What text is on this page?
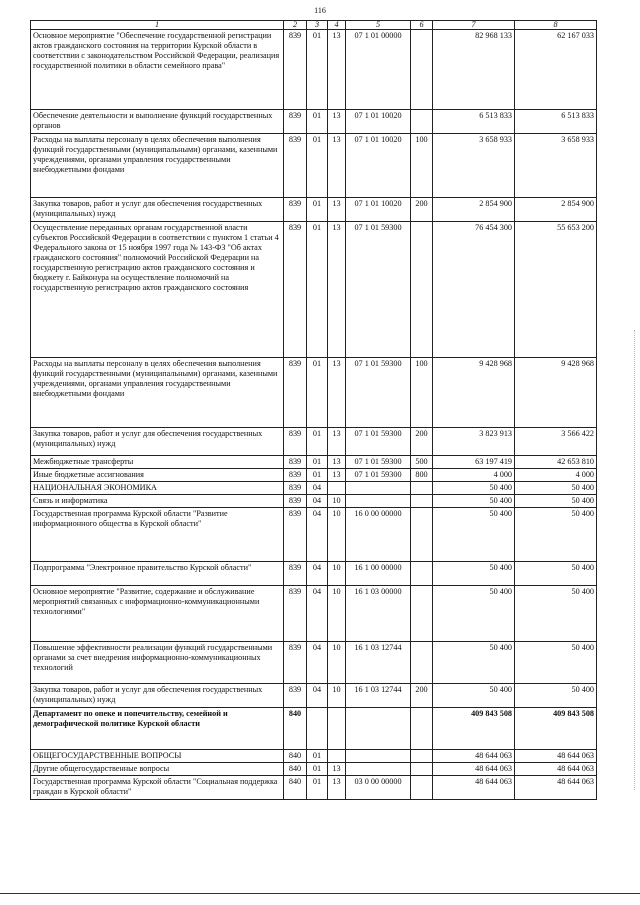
116
1	2	3	4	5	6	7	8
Основное мероприятие "Обеспечение государственной регистрации актов гражданского состояния на территории Курской области в соответствии с законодательством Российской Федерации, реализация государственной политики в области семейного права"	839	01	13	07 1 01 00000		82 968 133	62 167 033
Обеспечение деятельности и выполнение функций государственных органов	839	01	13	07 1 01 10020		6 513 833	6 513 833
Расходы на выплаты персоналу в целях обеспечения выполнения функций государственными (муниципальными) органами, казенными учреждениями, органами управления государственными внебюджетными фондами	839	01	13	07 1 01 10020	100	3 658 933	3 658 933
Закупка товаров, работ и услуг для обеспечения государственных (муниципальных) нужд	839	01	13	07 1 01 10020	200	2 854 900	2 854 900
Осуществление переданных органам государственной власти субъектов Российской Федерации в соответствии с пунктом 1 статьи 4 Федерального закона от 15 ноября 1997 года № 143-ФЗ "Об актах гражданского состояния" полномочий Российской Федерации на государственную регистрацию актов гражданского состояния и бюджету г. Байконура на осуществление полномочий на государственную регистрацию актов гражданского состояния	839	01	13	07 1 01 59300		76 454 300	55 653 200
Расходы на выплаты персоналу в целях обеспечения выполнения функций государственными (муниципальными) органами, казенными учреждениями, органами управления государственными внебюджетными фондами	839	01	13	07 1 01 59300	100	9 428 968	9 428 968
Закупка товаров, работ и услуг для обеспечения государственных (муниципальных) нужд	839	01	13	07 1 01 59300	200	3 823 913	3 566 422
Межбюджетные трансферты	839	01	13	07 1 01 59300	500	63 197 419	42 653 810
Иные бюджетные ассигнования	839	01	13	07 1 01 59300	800	4 000	4 000
НАЦИОНАЛЬНАЯ ЭКОНОМИКА	839	04				50 400	50 400
Связь и информатика	839	04	10			50 400	50 400
Государственная программа Курской области "Развитие информационного общества в Курской области"	839	04	10	16 0 00 00000		50 400	50 400
Подпрограмма "Электронное правительство Курской области"	839	04	10	16 1 00 00000		50 400	50 400
Основное мероприятие "Развитие, содержание и обслуживание мероприятий связанных с информационно-коммуникационными технологиями"	839	04	10	16 1 03 00000		50 400	50 400
Повышение эффективности реализации функций государственными органами за счет внедрения информационно-коммуникационных технологий	839	04	10	16 1 03 12744		50 400	50 400
Закупка товаров, работ и услуг для обеспечения государственных (муниципальных) нужд	839	04	10	16 1 03 12744	200	50 400	50 400
Департамент по опеке и попечительству, семейной и демографической политике Курской области	840					409 843 508	409 843 508
ОБЩЕГОСУДАРСТВЕННЫЕ ВОПРОСЫ	840	01				48 644 063	48 644 063
Другие общегосударственные вопросы	840	01	13			48 644 063	48 644 063
Государственная программа Курской области "Социальная поддержка граждан в Курской области"	840	01	13	03 0 00 00000		48 644 063	48 644 063
